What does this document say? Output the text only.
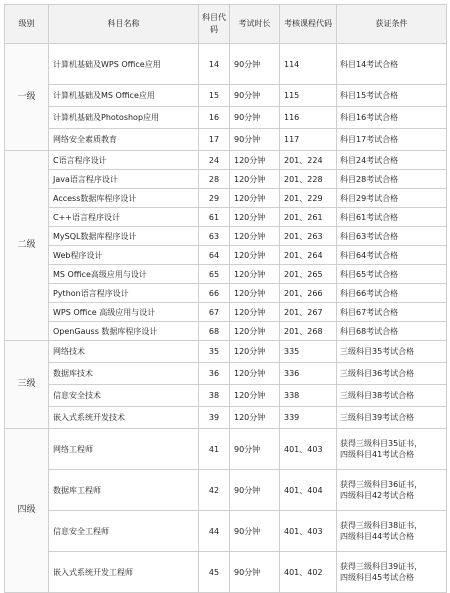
级别	科目名称	科目代码	考试时长	考核课程代码	获证条件
一级	计算机基础及WPS Office应用	14	90分钟	114	科目14考试合格
	计算机基础及MS Office应用	15	90分钟	115	科目15考试合格
	计算机基础及Photoshop应用	16	90分钟	116	科目16考试合格
	网络安全素质教育	17	90分钟	117	科目17考试合格
二级	C语言程序设计	24	120分钟	201、224	科目24考试合格
	Java语言程序设计	28	120分钟	201、228	科目28考试合格
	Access数据库程序设计	29	120分钟	201、229	科目29考试合格
	C++语言程序设计	61	120分钟	201、261	科目61考试合格
	MySQL数据库程序设计	63	120分钟	201、263	科目63考试合格
	Web程序设计	64	120分钟	201、264	科目64考试合格
	MS Office高级应用与设计	65	120分钟	201、265	科目65考试合格
	Python语言程序设计	66	120分钟	201、266	科目66考试合格
	WPS Office 高级应用与设计	67	120分钟	201、267	科目67考试合格
	OpenGauss 数据库程序设计	68	120分钟	201、268	科目68考试合格
三级	网络技术	35	120分钟	335	三级科目35考试合格
	数据库技术	36	120分钟	336	三级科目36考试合格
	信息安全技术	38	120分钟	338	三级科目38考试合格
	嵌入式系统开发技术	39	120分钟	339	三级科目39考试合格
四级	网络工程师	41	90分钟	401、403	获得三级科目35证书，
四级科目41考试合格

	数据库工程师	42	90分钟	401、404	获得三级科目36证书，
四级科目42考试合格

	信息安全工程师	44	90分钟	401、403	获得三级科目38证书，
四级科目44考试合格

	嵌入式系统开发工程师	45	90分钟	401、402	获得三级科目39证书，
四级科目45考试合格
